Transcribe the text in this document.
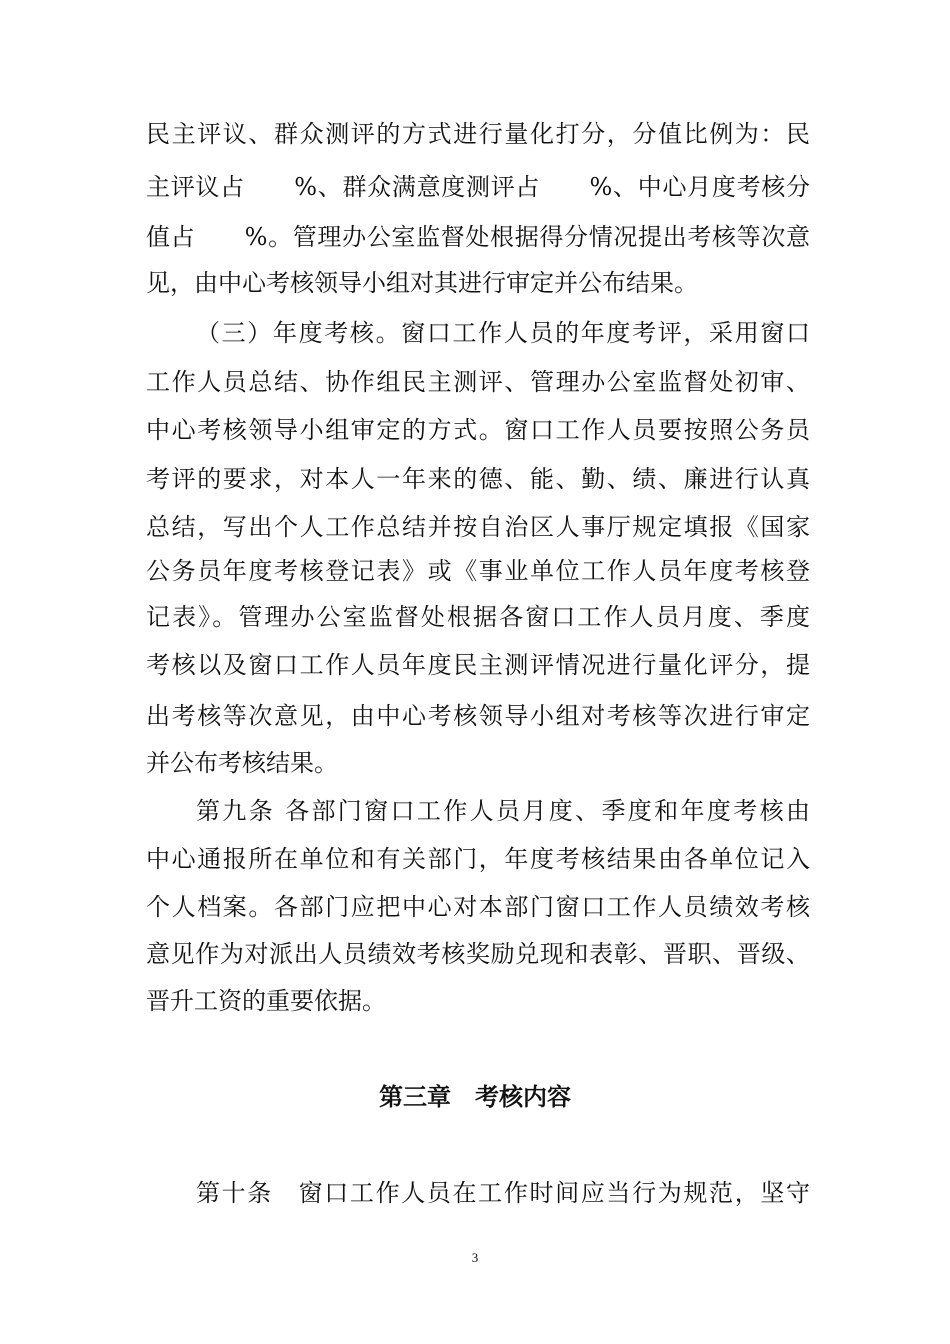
民主评议、群众测评的方式进行量化打分，分值比例为：民
主评议占　　%、群众满意度测评占　　%、中心月度考核分
值占　　%。管理办公室监督处根据得分情况提出考核等次意
见，由中心考核领导小组对其进行审定并公布结果。
（三）年度考核。窗口工作人员的年度考评，采用窗口
工作人员总结、协作组民主测评、管理办公室监督处初审、
中心考核领导小组审定的方式。窗口工作人员要按照公务员
考评的要求，对本人一年来的德、能、勤、绩、廉进行认真
总结，写出个人工作总结并按自治区人事厅规定填报《国家
公务员年度考核登记表》或《事业单位工作人员年度考核登
记表》。管理办公室监督处根据各窗口工作人员月度、季度
考核以及窗口工作人员年度民主测评情况进行量化评分，提
出考核等次意见，由中心考核领导小组对考核等次进行审定
并公布考核结果。
第九条 各部门窗口工作人员月度、季度和年度考核由
中心通报所在单位和有关部门，年度考核结果由各单位记入
个人档案。各部门应把中心对本部门窗口工作人员绩效考核
意见作为对派出人员绩效考核奖励兑现和表彰、晋职、晋级、
晋升工资的重要依据。
第三章　考核内容
第十条　窗口工作人员在工作时间应当行为规范，坚守
3
